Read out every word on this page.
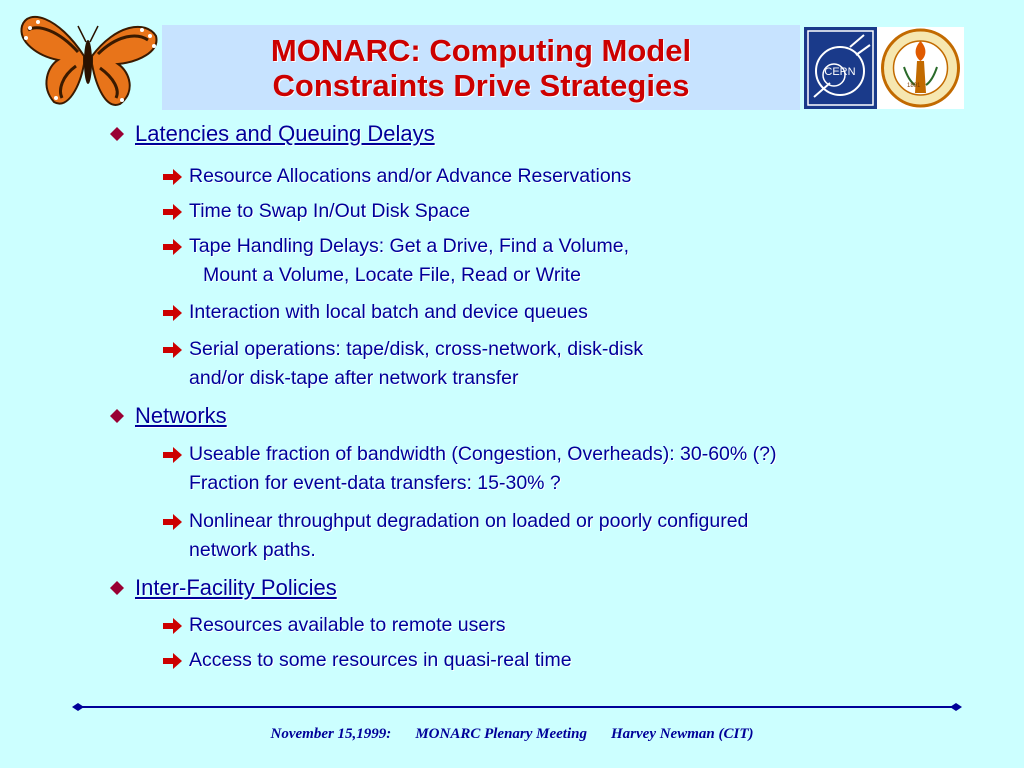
MONARC: Computing Model
Constraints Drive Strategies	CERN
1891
Latencies and Queuing Delays
Resource Allocations and/or Advance Reservations
Time to Swap In/Out Disk Space
Tape Handling Delays: Get a Drive, Find a Volume,
Mount a Volume, Locate File, Read or Write
Interaction with local batch and device queues
Serial operations: tape/disk, cross-network, disk-disk
and/or disk-tape after network transfer
Networks
Useable fraction of bandwidth (Congestion, Overheads): 30-60% (?)
Fraction for event-data transfers: 15-30% ?
Nonlinear throughput degradation on loaded or poorly configured
network paths.
Inter-Facility Policies
Resources available to remote users
Access to some resources in quasi-real time
November 15,1999: MONARC Plenary Meeting Harvey Newman (CIT)
